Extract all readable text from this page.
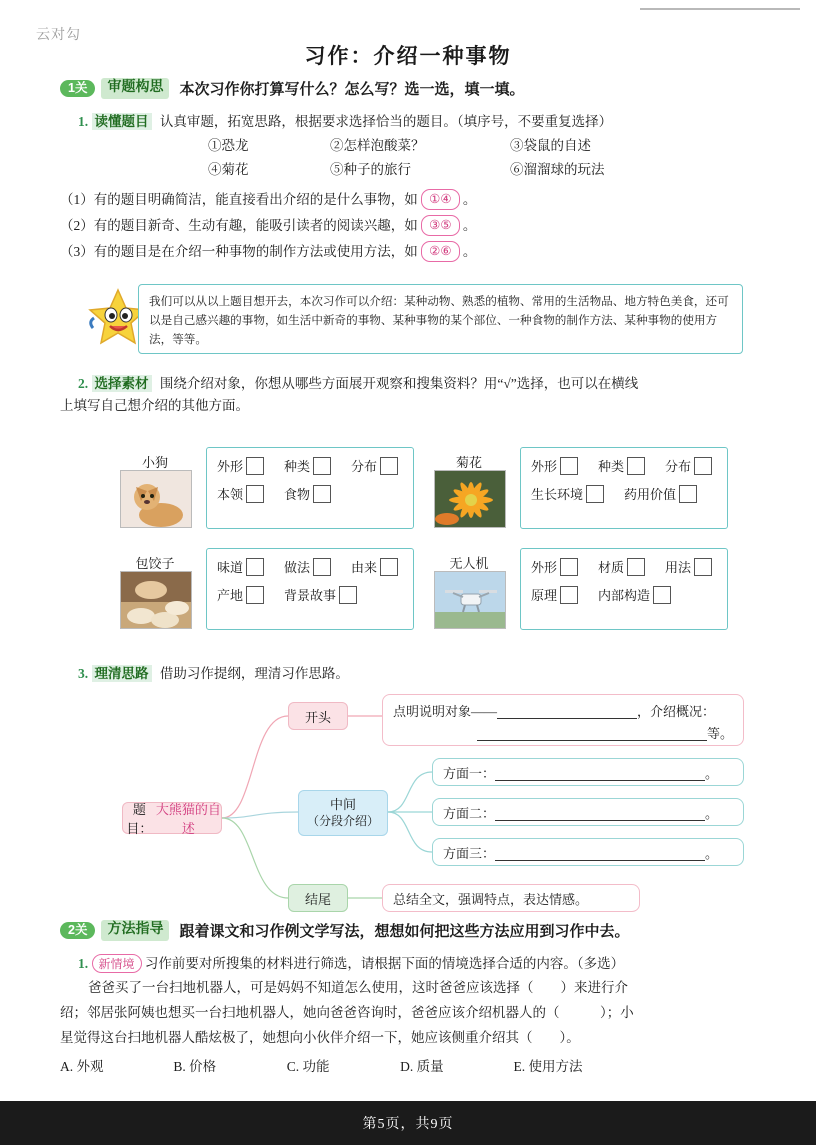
云对勾
习作：介绍一种事物
1关	审题构思	本次习作你打算写什么？怎么写？选一选，填一填。
1. 读懂题目 认真审题，拓宽思路，根据要求选择恰当的题目。（填序号，不要重复选择）
①恐龙	②怎样泡酸菜？	③袋鼠的自述
④菊花	⑤种子的旅行	⑥溜溜球的玩法
（1）有的题目明确简洁，能直接看出介绍的是什么事物，如 ①④ 。
（2）有的题目新奇、生动有趣，能吸引读者的阅读兴趣，如 ③⑤ 。
（3）有的题目是在介绍一种事物的制作方法或使用方法，如 ②⑥ 。
我们可以从以上题目想开去，本次习作可以介绍：某种动物、熟悉的植物、常用的生活物品、地方特色美食，还可以是自己感兴趣的事物，如生活中新奇的事物、某种事物的某个部位、一种食物的制作方法、某种事物的使用方法，等等。
2. 选择素材 围绕介绍对象，你想从哪些方面展开观察和搜集资料？用“√”选择，也可以在横线
上填写自己想介绍的其他方面。
小狗	外形	种类	分布
本领	食物
菊花	外形	种类	分布
生长环境	药用价值
包饺子	味道	做法	由来
产地	背景故事
无人机	外形	材质	用法
原理	内部构造
3. 理清思路 借助习作提纲，理清习作思路。
题目：
大熊猫的自述
开头	点明说明对象——	，介绍概况：
等。
中间
（分段介绍）
方面一：	。
方面二：	。
方面三：	。
结尾	总结全文，强调特点，表达情感。
2关	方法指导	跟着课文和习作例文学写法，想想如何把这些方法应用到习作中去。
1. 新情境 习作前要对所搜集的材料进行筛选，请根据下面的情境选择合适的内容。（多选）
爸爸买了一台扫地机器人，可是妈妈不知道怎么使用，这时爸爸应该选择（　　）来进行介
绍；邻居张阿姨也想买一台扫地机器人，她向爸爸咨询时，爸爸应该介绍机器人的（　　　）；小
星觉得这台扫地机器人酷炫极了，她想向小伙伴介绍一下，她应该侧重介绍其（　　）。
A. 外观	B. 价格	C. 功能	D. 质量	E. 使用方法
第5页，共9页
